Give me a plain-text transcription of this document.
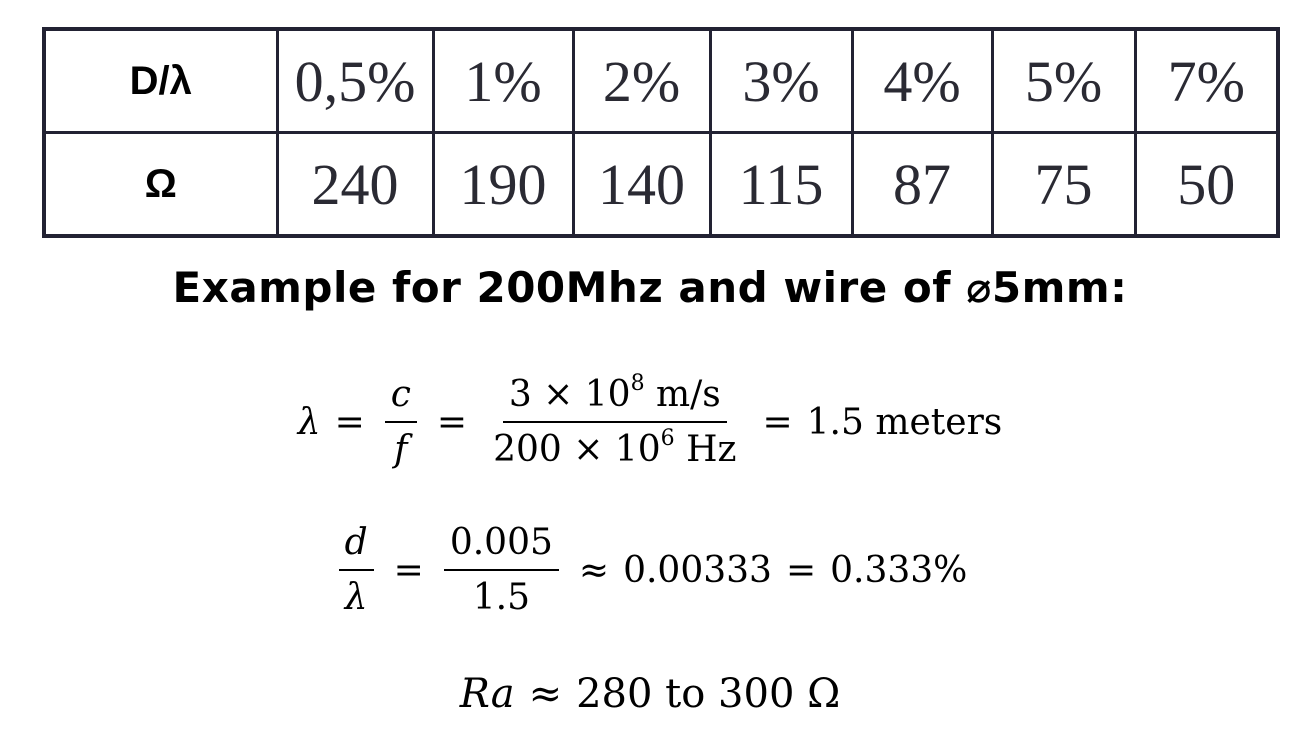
D/λ	0,5%	1%	2%	3%	4%	5%	7%
Ω	240	190	140	115	87	75	50
Example for 200Mhz and wire of ⌀5mm:
$\lambda = \frac{c}{f} = \frac{3 \times 10^8 m/s}{200 \times 10^6 Hz} = 1.5$ meters
$\frac{d}{\lambda} = \frac{0.005}{1.5} \approx 0.00333 = 0.333\%$
Ra ≈ 280 to 300 Ω
